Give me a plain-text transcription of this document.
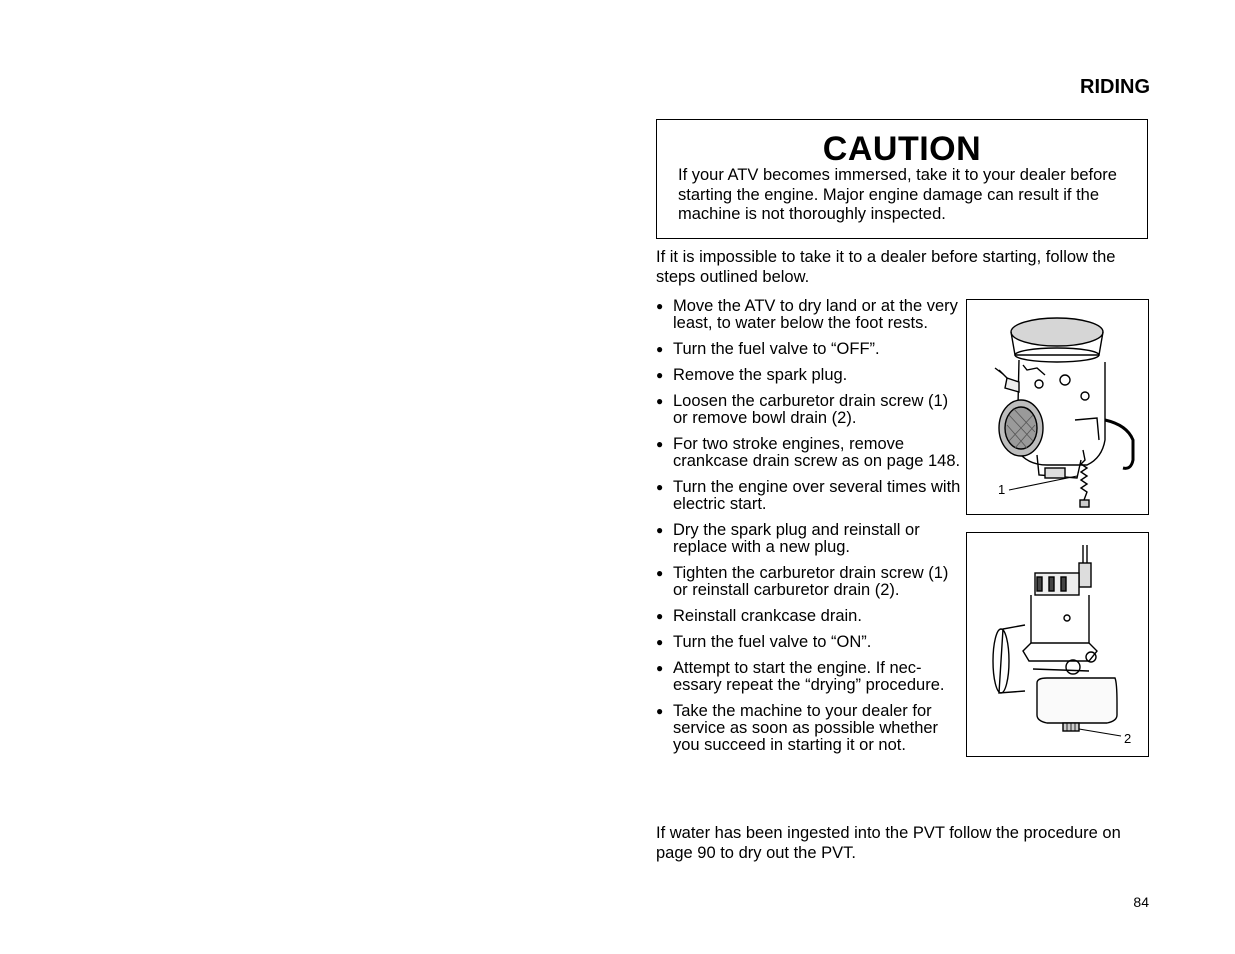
RIDING
CAUTION
If your ATV becomes immersed, take it to your dealer before starting the engine. Major engine damage can result if the machine is not thoroughly inspected.
If it is impossible to take it to a dealer before starting, follow the steps outlined below.
● Move the ATV to dry land or at the very least, to water below the foot rests.
● Turn the fuel valve to “OFF”.
● Remove the spark plug.
● Loosen the carburetor drain screw (1) or remove bowl drain (2).
● For two stroke engines, remove crankcase drain screw as on page 148.
● Turn the engine over several times with electric start.
● Dry the spark plug and reinstall or replace with a new plug.
● Tighten the carburetor drain screw (1) or reinstall carburetor drain (2).
● Reinstall crankcase drain.
● Turn the fuel valve to “ON”.
● Attempt to start the engine. If nec-essary repeat the “drying” procedure.
● Take the machine to your dealer for service as soon as possible whether you succeed in starting it or not.
1
2
If water has been ingested into the PVT follow the procedure on page 90 to dry out the PVT.
84
